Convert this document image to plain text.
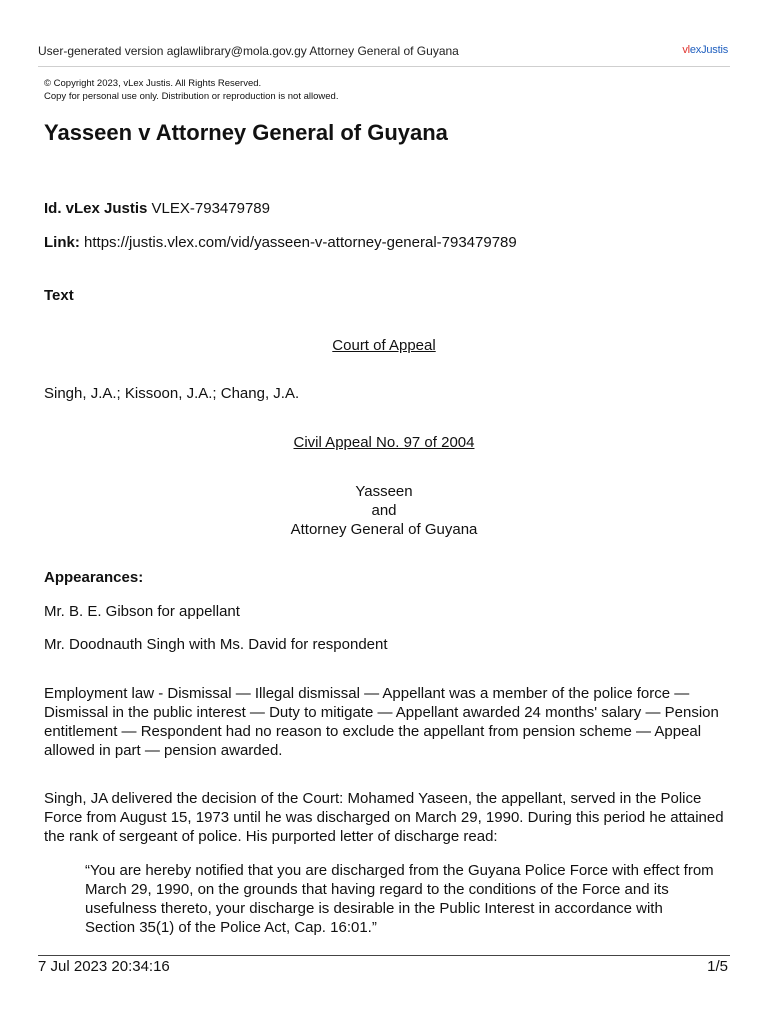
User-generated version aglawlibrary@mola.gov.gy Attorney General of Guyana	vlexJustis
© Copyright 2023, vLex Justis. All Rights Reserved.
Copy for personal use only. Distribution or reproduction is not allowed.
Yasseen v Attorney General of Guyana
Id. vLex Justis VLEX-793479789
Link: https://justis.vlex.com/vid/yasseen-v-attorney-general-793479789
Text
Court of Appeal
Singh, J.A.; Kissoon, J.A.; Chang, J.A.
Civil Appeal No. 97 of 2004
Yasseen
and
Attorney General of Guyana
Appearances:
Mr. B. E. Gibson for appellant
Mr. Doodnauth Singh with Ms. David for respondent
Employment law - Dismissal — Illegal dismissal — Appellant was a member of the police force — Dismissal in the public interest — Duty to mitigate — Appellant awarded 24 months' salary — Pension entitlement — Respondent had no reason to exclude the appellant from pension scheme — Appeal allowed in part — pension awarded.
Singh, JA delivered the decision of the Court: Mohamed Yaseen, the appellant, served in the Police Force from August 15, 1973 until he was discharged on March 29, 1990. During this period he attained the rank of sergeant of police. His purported letter of discharge read:
“You are hereby notified that you are discharged from the Guyana Police Force with effect from March 29, 1990, on the grounds that having regard to the conditions of the Force and its usefulness thereto, your discharge is desirable in the Public Interest in accordance with Section 35(1) of the Police Act, Cap. 16:01.”
7 Jul 2023 20:34:16	1/5
